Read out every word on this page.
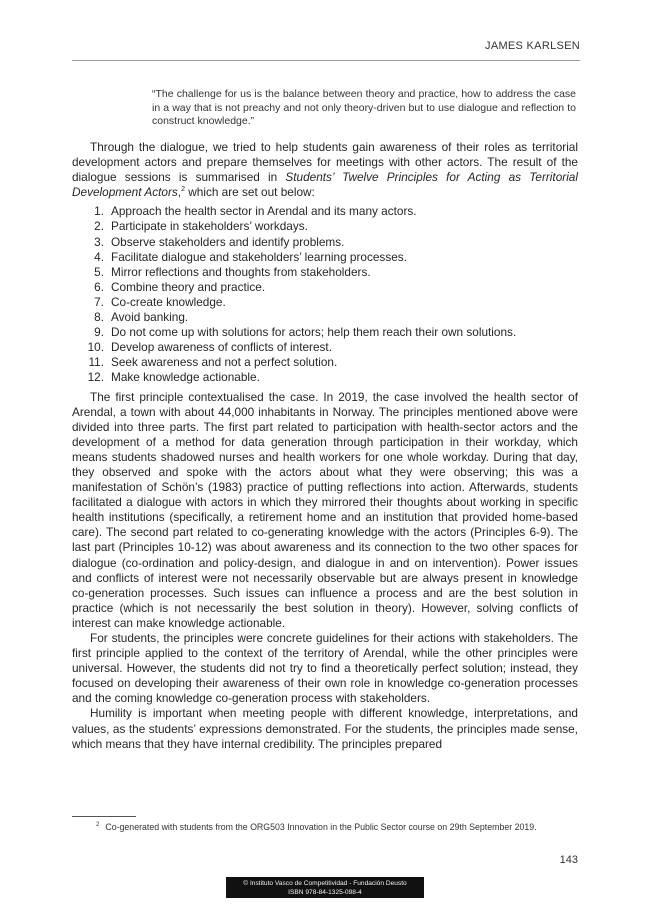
JAMES KARLSEN
“The challenge for us is the balance between theory and practice, how to address the case in a way that is not preachy and not only theory-driven but to use dialogue and reflection to construct knowledge.”

Through the dialogue, we tried to help students gain awareness of their roles as territorial development actors and prepare themselves for meetings with other actors. The result of the dialogue sessions is summarised in Students’ Twelve Principles for Acting as Territorial Development Actors,$^2$ which are set out below:

1. Approach the health sector in Arendal and its many actors.
2. Participate in stakeholders’ workdays.
3. Observe stakeholders and identify problems.
4. Facilitate dialogue and stakeholders’ learning processes.
5. Mirror reflections and thoughts from stakeholders.
6. Combine theory and practice.
7. Co-create knowledge.
8. Avoid banking.
9. Do not come up with solutions for actors; help them reach their own solutions.
10. Develop awareness of conflicts of interest.
11. Seek awareness and not a perfect solution.
12. Make knowledge actionable.

The first principle contextualised the case. In 2019, the case involved the health sector of Arendal, a town with about 44,000 inhabitants in Norway. The principles mentioned above were divided into three parts. The first part related to participation with health-sector actors and the development of a method for data generation through participation in their workday, which means students shadowed nurses and health workers for one whole workday. During that day, they observed and spoke with the actors about what they were observing; this was a manifestation of Schön’s (1983) practice of putting reflections into action. Afterwards, students facilitated a dialogue with actors in which they mirrored their thoughts about working in specific health institutions (specifically, a retirement home and an institution that provided home-based care). The second part related to co-generating knowledge with the actors (Principles 6-9). The last part (Principles 10-12) was about awareness and its connection to the two other spaces for dialogue (co-ordination and policy-design, and dialogue in and on intervention). Power issues and conflicts of interest were not necessarily observable but are always present in knowledge co-generation processes. Such issues can influence a process and are the best solution in practice (which is not necessarily the best solution in theory). However, solving conflicts of interest can make knowledge actionable.

For students, the principles were concrete guidelines for their actions with stakeholders. The first principle applied to the context of the territory of Arendal, while the other principles were universal. However, the students did not try to find a theoretically perfect solution; instead, they focused on developing their awareness of their own role in knowledge co-generation processes and the coming knowledge co-generation process with stakeholders.

Humility is important when meeting people with different knowledge, interpretations, and values, as the students’ expressions demonstrated. For the students, the principles made sense, which means that they have internal credibility. The principles prepared

$^2$ Co-generated with students from the ORG503 Innovation in the Public Sector course on 29th September 2019.
143
© Instituto Vasco de Competitividad - Fundación Deusto
ISBN 978-84-1325-098-4
